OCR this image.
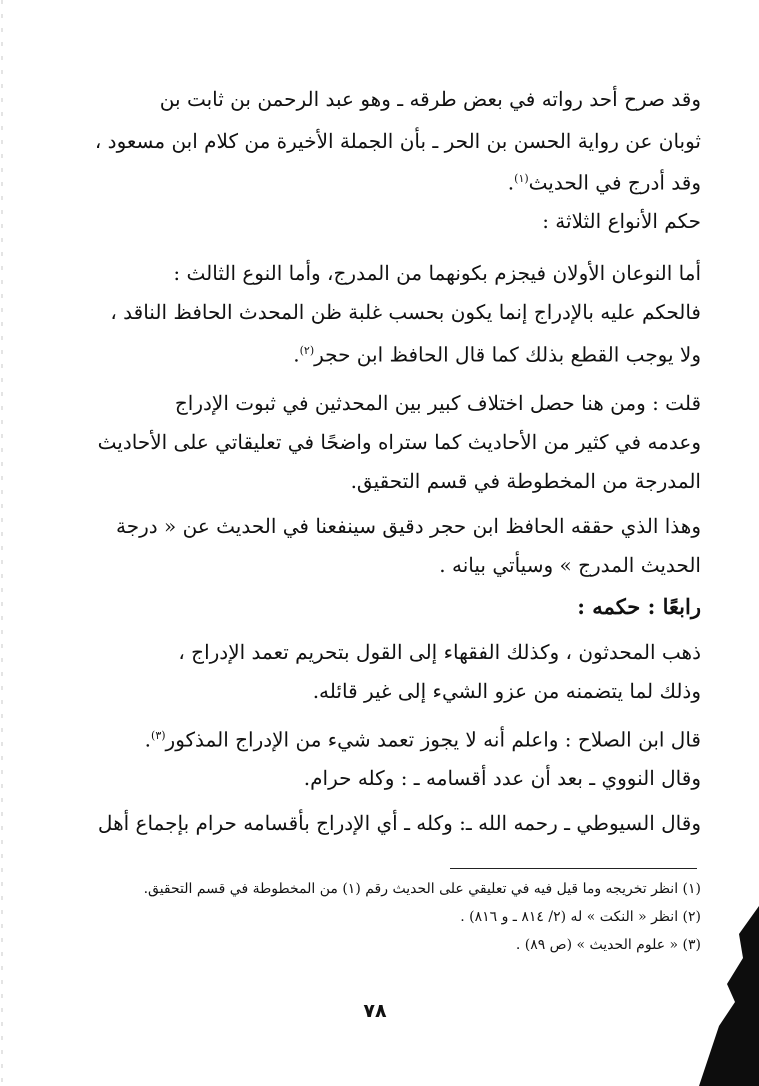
وقد صرح أحد رواته في بعض طرقه ـ وهو عبد الرحمن بن ثابت بن
ثوبان عن رواية الحسن بن الحر ـ بأن الجملة الأخيرة من كلام ابن مسعود ،
وقد أدرج في الحديث$^{(١)}$.
حكم الأنواع الثلاثة :
أما النوعان الأولان فيجزم بكونهما من المدرج، وأما النوع الثالث :
فالحكم عليه بالإدراج إنما يكون بحسب غلبة ظن المحدث الحافظ الناقد ،
ولا يوجب القطع بذلك كما قال الحافظ ابن حجر$^{(٢)}$.
قلت : ومن هنا حصل اختلاف كبير بين المحدثين في ثبوت الإدراج
وعدمه في كثير من الأحاديث كما ستراه واضحًا في تعليقاتي على الأحاديث
المدرجة من المخطوطة في قسم التحقيق.
وهذا الذي حققه الحافظ ابن حجر دقيق سينفعنا في الحديث عن « درجة
الحديث المدرج » وسيأتي بيانه .
رابعًا : حكمه :
ذهب المحدثون ، وكذلك الفقهاء إلى القول بتحريم تعمد الإدراج ،
وذلك لما يتضمنه من عزو الشيء إلى غير قائله.
قال ابن الصلاح : واعلم أنه لا يجوز تعمد شيء من الإدراج المذكور$^{(٣)}$.
وقال النووي ـ بعد أن عدد أقسامه ـ : وكله حرام.
وقال السيوطي ـ رحمه الله ـ: وكله ـ أي الإدراج بأقسامه حرام بإجماع أهل
(١) انظر تخريجه وما قيل فيه في تعليقي على الحديث رقم (١) من المخطوطة في قسم التحقيق.
(٢) انظر « النكت » له (٢/ ٨١٤ ـ و ٨١٦) .
(٣) « علوم الحديث » (ص ٨٩) .
٧٨
